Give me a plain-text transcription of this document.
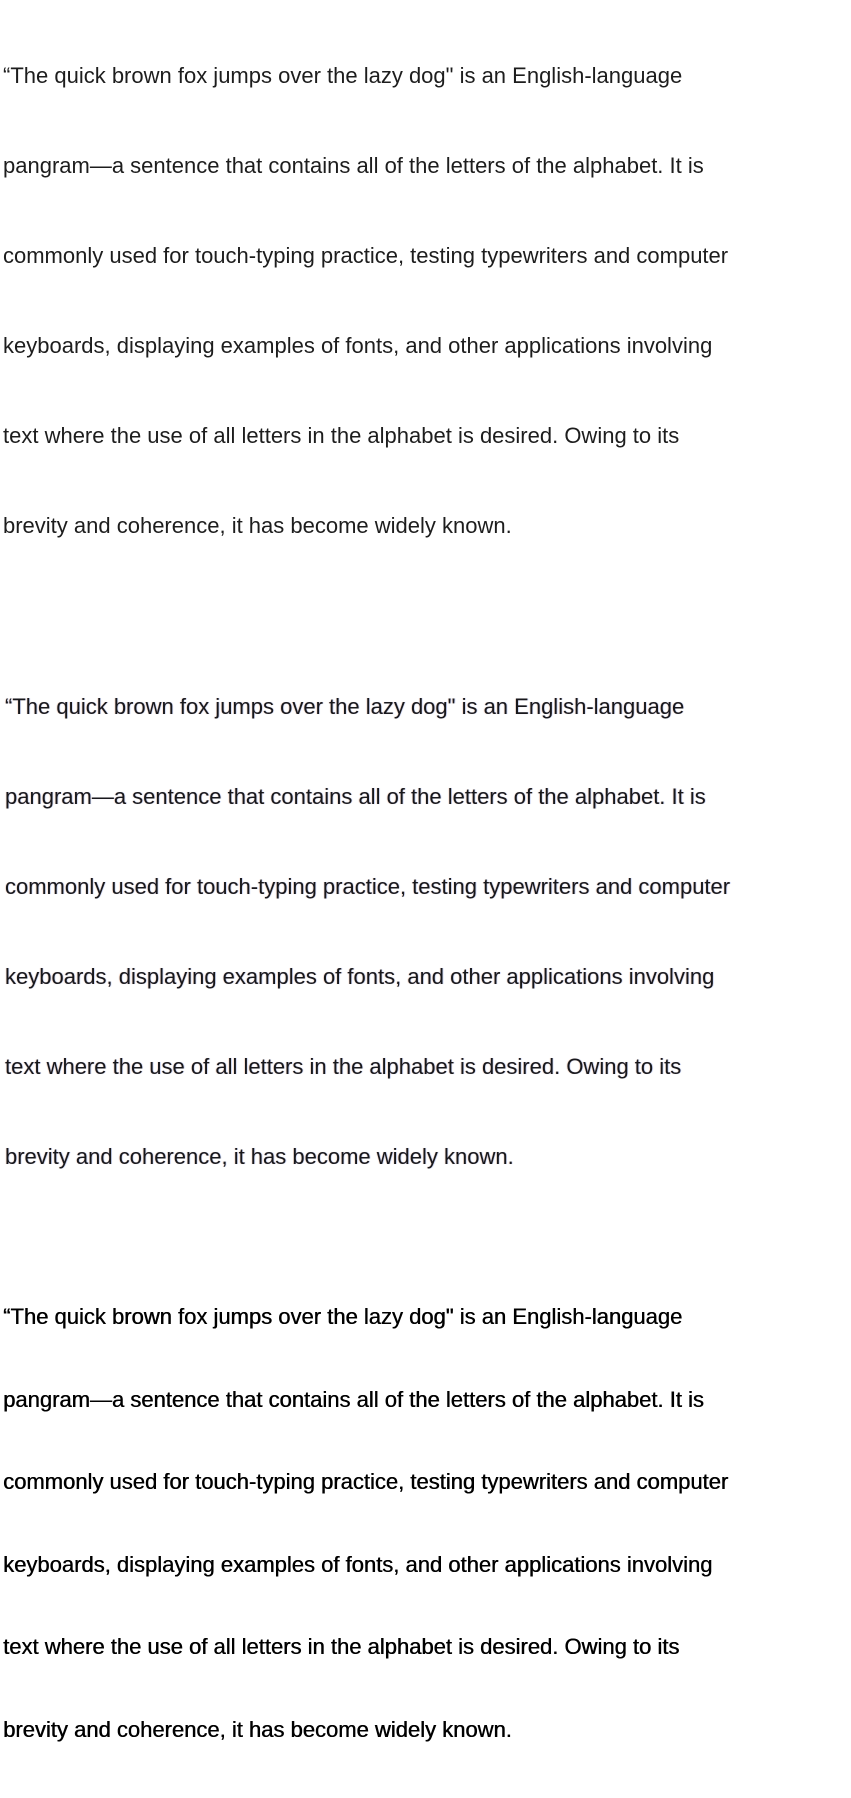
“The quick brown fox jumps over the lazy dog" is an English-language

pangram—a sentence that contains all of the letters of the alphabet. It is

commonly used for touch-typing practice, testing typewriters and computer

keyboards, displaying examples of fonts, and other applications involving

text where the use of all letters in the alphabet is desired. Owing to its

brevity and coherence, it has become widely known.

“The quick brown fox jumps over the lazy dog" is an English-language

pangram—a sentence that contains all of the letters of the alphabet. It is

commonly used for touch-typing practice, testing typewriters and computer

keyboards, displaying examples of fonts, and other applications involving

text where the use of all letters in the alphabet is desired. Owing to its

brevity and coherence, it has become widely known.

“The quick brown fox jumps over the lazy dog" is an English-language

pangram—a sentence that contains all of the letters of the alphabet. It is

commonly used for touch-typing practice, testing typewriters and computer

keyboards, displaying examples of fonts, and other applications involving

text where the use of all letters in the alphabet is desired. Owing to its

brevity and coherence, it has become widely known.
